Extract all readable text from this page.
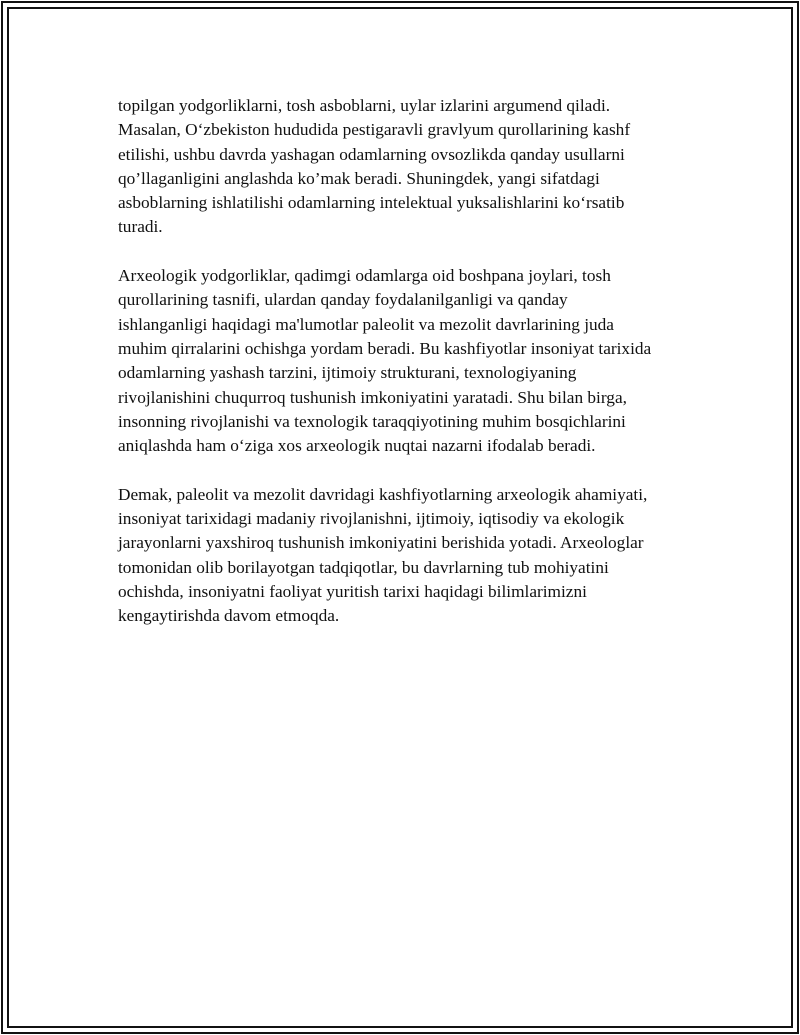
topilgan yodgorliklarni, tosh asboblarni, uylar izlarini argumend qiladi.
Masalan, O‘zbekiston hududida pestigaravli gravlyum qurollarining kashf
etilishi, ushbu davrda yashagan odamlarning ovsozlikda qanday usullarni
qo’llaganligini anglashda ko’mak beradi. Shuningdek, yangi sifatdagi
asboblarning ishlatilishi odamlarning intelektual yuksalishlarini ko‘rsatib
turadi.

Arxeologik yodgorliklar, qadimgi odamlarga oid boshpana joylari, tosh
qurollarining tasnifi, ulardan qanday foydalanilganligi va qanday
ishlanganligi haqidagi ma'lumotlar paleolit va mezolit davrlarining juda
muhim qirralarini ochishga yordam beradi. Bu kashfiyotlar insoniyat tarixida
odamlarning yashash tarzini, ijtimoiy strukturani, texnologiyaning
rivojlanishini chuqurroq tushunish imkoniyatini yaratadi. Shu bilan birga,
insonning rivojlanishi va texnologik taraqqiyotining muhim bosqichlarini
aniqlashda ham o‘ziga xos arxeologik nuqtai nazarni ifodalab beradi.

Demak, paleolit va mezolit davridagi kashfiyotlarning arxeologik ahamiyati,
insoniyat tarixidagi madaniy rivojlanishni, ijtimoiy, iqtisodiy va ekologik
jarayonlarni yaxshiroq tushunish imkoniyatini berishida yotadi. Arxeologlar
tomonidan olib borilayotgan tadqiqotlar, bu davrlarning tub mohiyatini
ochishda, insoniyatni faoliyat yuritish tarixi haqidagi bilimlarimizni
kengaytirishda davom etmoqda.
